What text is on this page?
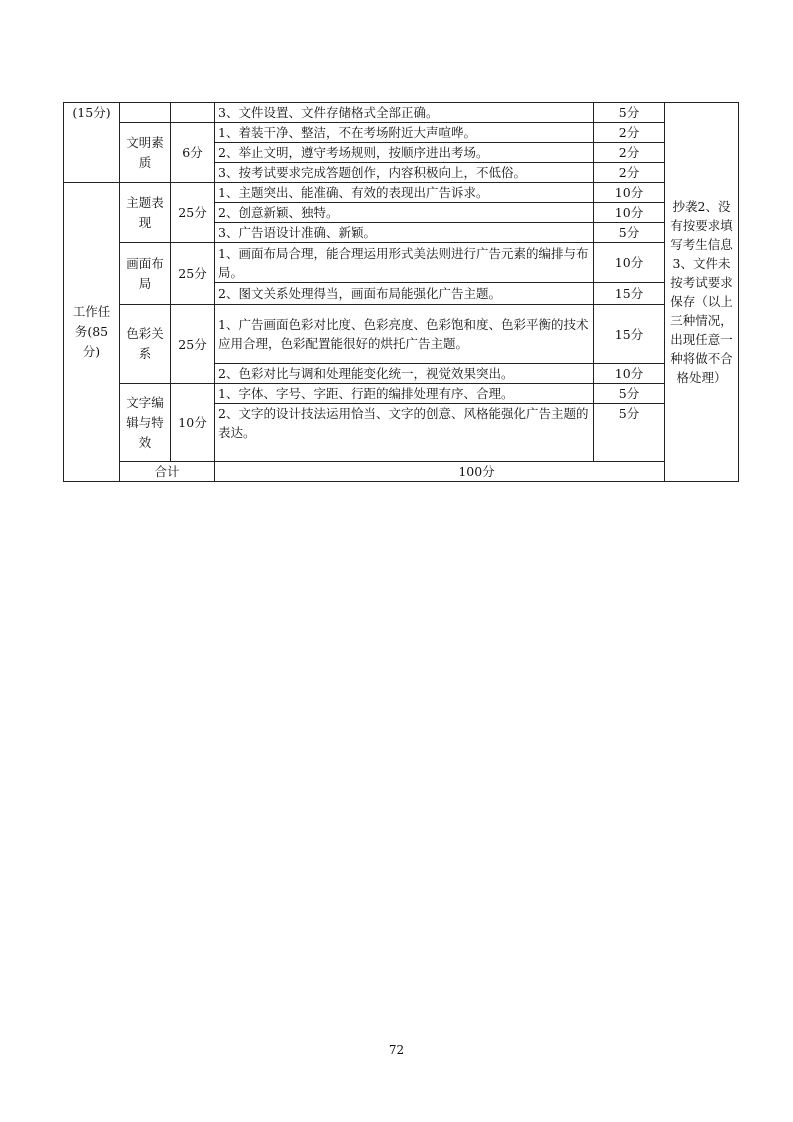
(15分)			3、文件设置、文件存储格式全部正确。	5分	抄袭2、没有按要求填写考生信息3、文件未按考试要求保存（以上三种情况，出现任意一种将做不合格处理）	

	文明素质	6分	1、着装干净、整洁，不在考场附近大声喧哗。	2分		
			2、举止文明，遵守考场规则，按顺序进出考场。	2分		
			3、按考试要求完成答题创作，内容积极向上，不低俗。	2分		

工作任务(85分)	主题表现	25分	1、主题突出、能准确、有效的表现出广告诉求。	10分		
			2、创意新颖、独特。	10分		
			3、广告语设计准确、新颖。	5分		

	画面布局	25分	1、画面布局合理，能合理运用形式美法则进行广告元素的编排与布局。	10分		
			2、图文关系处理得当，画面布局能强化广告主题。	15分		

	色彩关系	25分	1、广告画面色彩对比度、色彩亮度、色彩饱和度、色彩平衡的技术应用合理，色彩配置能很好的烘托广告主题。	15分		
			2、色彩对比与调和处理能变化统一，视觉效果突出。	10分		

	文字编辑与特效	10分	1、字体、字号、字距、行距的编排处理有序、合理。	5分		
			2、文字的设计技法运用恰当、文字的创意、风格能强化广告主题的表达。	5分		
	合计		100分			
72
